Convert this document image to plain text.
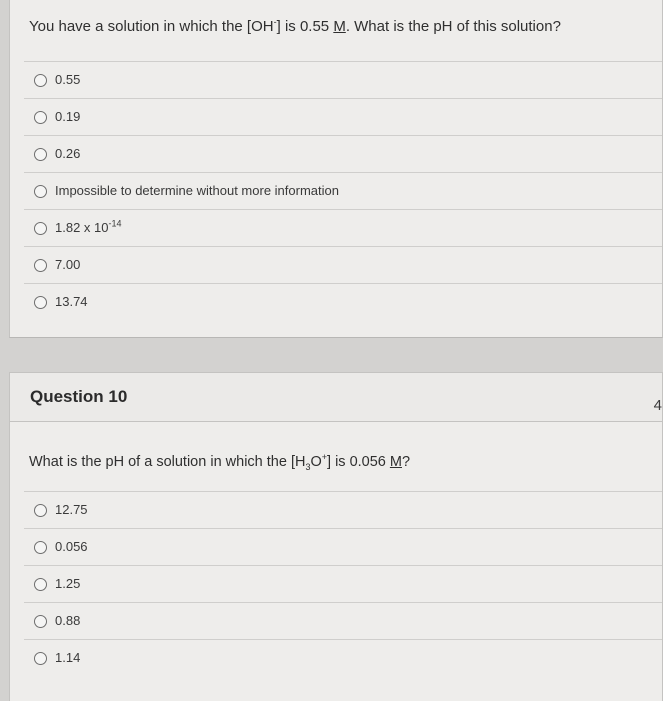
You have a solution in which the [OH-] is 0.55 M. What is the pH of this solution?
0.55
0.19
0.26
Impossible to determine without more information
1.82 x $10^{-14}$
7.00
13.74
Question 10	4
What is the pH of a solution in which the $[H_3O^+]$ is 0.056 M?
12.75
0.056
1.25
0.88
1.14
